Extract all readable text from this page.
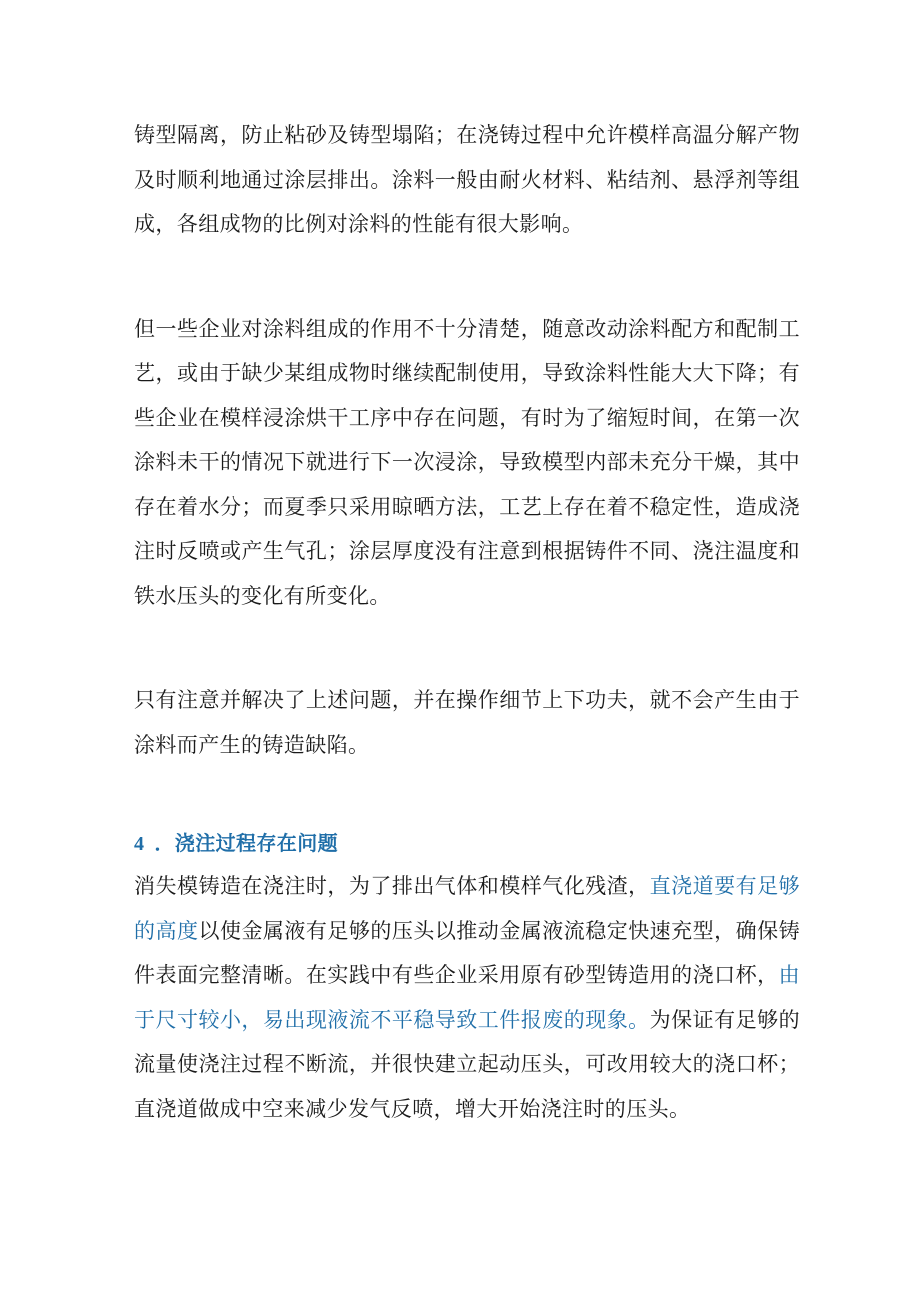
铸型隔离，防止粘砂及铸型塌陷；在浇铸过程中允许模样高温分解产物及时顺利地通过涂层排出。涂料一般由耐火材料、粘结剂、悬浮剂等组成，各组成物的比例对涂料的性能有很大影响。

但一些企业对涂料组成的作用不十分清楚，随意改动涂料配方和配制工艺，或由于缺少某组成物时继续配制使用，导致涂料性能大大下降；有些企业在模样浸涂烘干工序中存在问题，有时为了缩短时间，在第一次涂料未干的情况下就进行下一次浸涂，导致模型内部未充分干燥，其中存在着水分；而夏季只采用晾晒方法，工艺上存在着不稳定性，造成浇注时反喷或产生气孔；涂层厚度没有注意到根据铸件不同、浇注温度和铁水压头的变化有所变化。

只有注意并解决了上述问题，并在操作细节上下功夫，就不会产生由于涂料而产生的铸造缺陷。

4 ．浇注过程存在问题

消失模铸造在浇注时，为了排出气体和模样气化残渣，直浇道要有足够的高度以使金属液有足够的压头以推动金属液流稳定快速充型，确保铸件表面完整清晰。在实践中有些企业采用原有砂型铸造用的浇口杯，由于尺寸较小，易出现液流不平稳导致工件报废的现象。为保证有足够的流量使浇注过程不断流，并很快建立起动压头，可改用较大的浇口杯；直浇道做成中空来减少发气反喷，增大开始浇注时的压头。
